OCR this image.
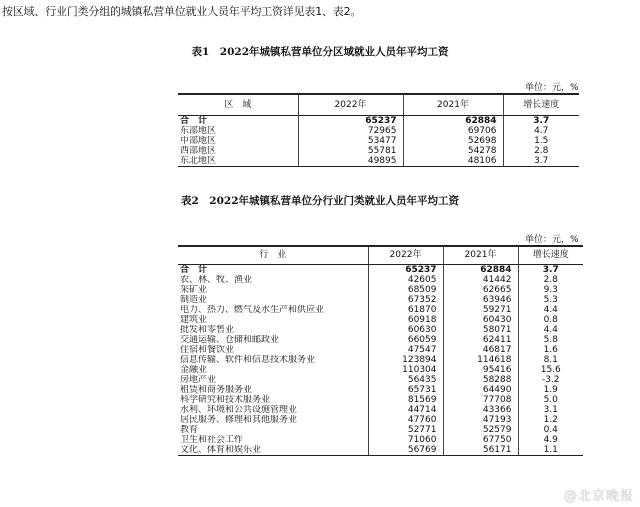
按区域、行业门类分组的城镇私营单位就业人员年平均工资详见表1、表2。
表1　2022年城镇私营单位分区域就业人员年平均工资
单位：元，%
区　域	2022年	2021年	增长速度
合　计	65237	62884	3.7
东部地区	72965	69706	4.7
中部地区	53477	52698	1.5
西部地区	55781	54278	2.8
东北地区	49895	48106	3.7
表2　2022年城镇私营单位分行业门类就业人员年平均工资
单位：元，%
行　业	2022年	2021年	增长速度
合　计	65237	62884	3.7
农、林、牧、渔业	42605	41442	2.8
采矿业	68509	62665	9.3
制造业	67352	63946	5.3
电力、热力、燃气及水生产和供应业	61870	59271	4.4
建筑业	60918	60430	0.8
批发和零售业	60630	58071	4.4
交通运输、仓储和邮政业	66059	62411	5.8
住宿和餐饮业	47547	46817	1.6
信息传输、软件和信息技术服务业	123894	114618	8.1
金融业	110304	95416	15.6
房地产业	56435	58288	-3.2
租赁和商务服务业	65731	64490	1.9
科学研究和技术服务业	81569	77708	5.0
水利、环境和公共设施管理业	44714	43366	3.1
居民服务、修理和其他服务业	47760	47193	1.2
教育	52771	52579	0.4
卫生和社会工作	71060	67750	4.9
文化、体育和娱乐业	56769	56171	1.1
@北京晚报
